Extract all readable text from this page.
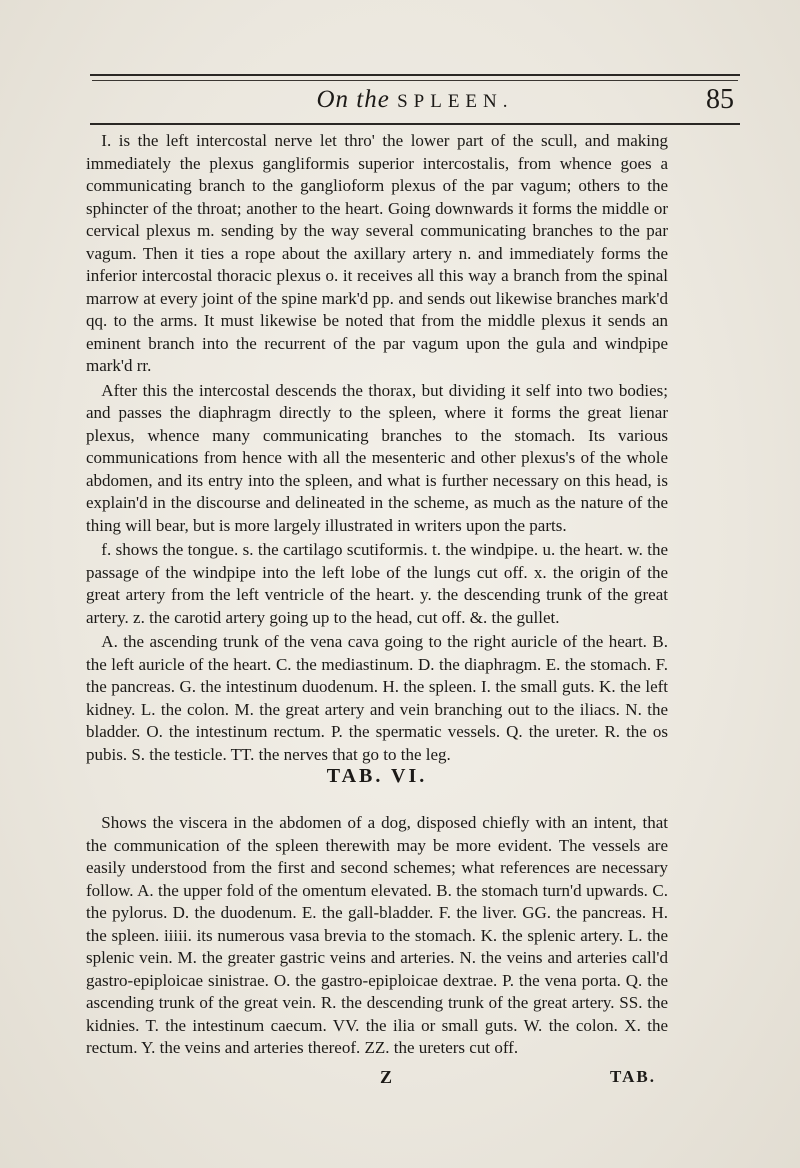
On the SPLEEN.	85

I. is the left intercostal nerve let thro' the lower part of the scull, and making immediately the plexus gangliformis superior intercostalis, from whence goes a communicating branch to the ganglioform plexus of the par vagum; others to the sphincter of the throat; another to the heart. Going downwards it forms the middle or cervical plexus m. sending by the way several communicating branches to the par vagum. Then it ties a rope about the axillary artery n. and immediately forms the inferior intercostal thoracic plexus o. it receives all this way a branch from the spinal marrow at every joint of the spine mark'd pp. and sends out likewise branches mark'd qq. to the arms. It must likewise be noted that from the middle plexus it sends an eminent branch into the recurrent of the par vagum upon the gula and windpipe mark'd rr.

After this the intercostal descends the thorax, but dividing it self into two bodies; and passes the diaphragm directly to the spleen, where it forms the great lienar plexus, whence many communicating branches to the stomach. Its various communications from hence with all the mesenteric and other plexus's of the whole abdomen, and its entry into the spleen, and what is further necessary on this head, is explain'd in the discourse and delineated in the scheme, as much as the nature of the thing will bear, but is more largely illustrated in writers upon the parts.

f. shows the tongue. s. the cartilago scutiformis. t. the windpipe. u. the heart. w. the passage of the windpipe into the left lobe of the lungs cut off. x. the origin of the great artery from the left ventricle of the heart. y. the descending trunk of the great artery. z. the carotid artery going up to the head, cut off. &. the gullet.

A. the ascending trunk of the vena cava going to the right auricle of the heart. B. the left auricle of the heart. C. the mediastinum. D. the diaphragm. E. the stomach. F. the pancreas. G. the intestinum duodenum. H. the spleen. I. the small guts. K. the left kidney. L. the colon. M. the great artery and vein branching out to the iliacs. N. the bladder. O. the intestinum rectum. P. the spermatic vessels. Q. the ureter. R. the os pubis. S. the testicle. TT. the nerves that go to the leg.

TAB. VI.

Shows the viscera in the abdomen of a dog, disposed chiefly with an intent, that the communication of the spleen therewith may be more evident. The vessels are easily understood from the first and second schemes; what references are necessary follow. A. the upper fold of the omentum elevated. B. the stomach turn'd upwards. C. the pylorus. D. the duodenum. E. the gall-bladder. F. the liver. GG. the pancreas. H. the spleen. iiiii. its numerous vasa brevia to the stomach. K. the splenic artery. L. the splenic vein. M. the greater gastric veins and arteries. N. the veins and arteries call'd gastro-epiploicae sinistrae. O. the gastro-epiploicae dextrae. P. the vena porta. Q. the ascending trunk of the great vein. R. the descending trunk of the great artery. SS. the kidnies. T. the intestinum caecum. VV. the ilia or small guts. W. the colon. X. the rectum. Y. the veins and arteries thereof. ZZ. the ureters cut off.

Z	TAB.
